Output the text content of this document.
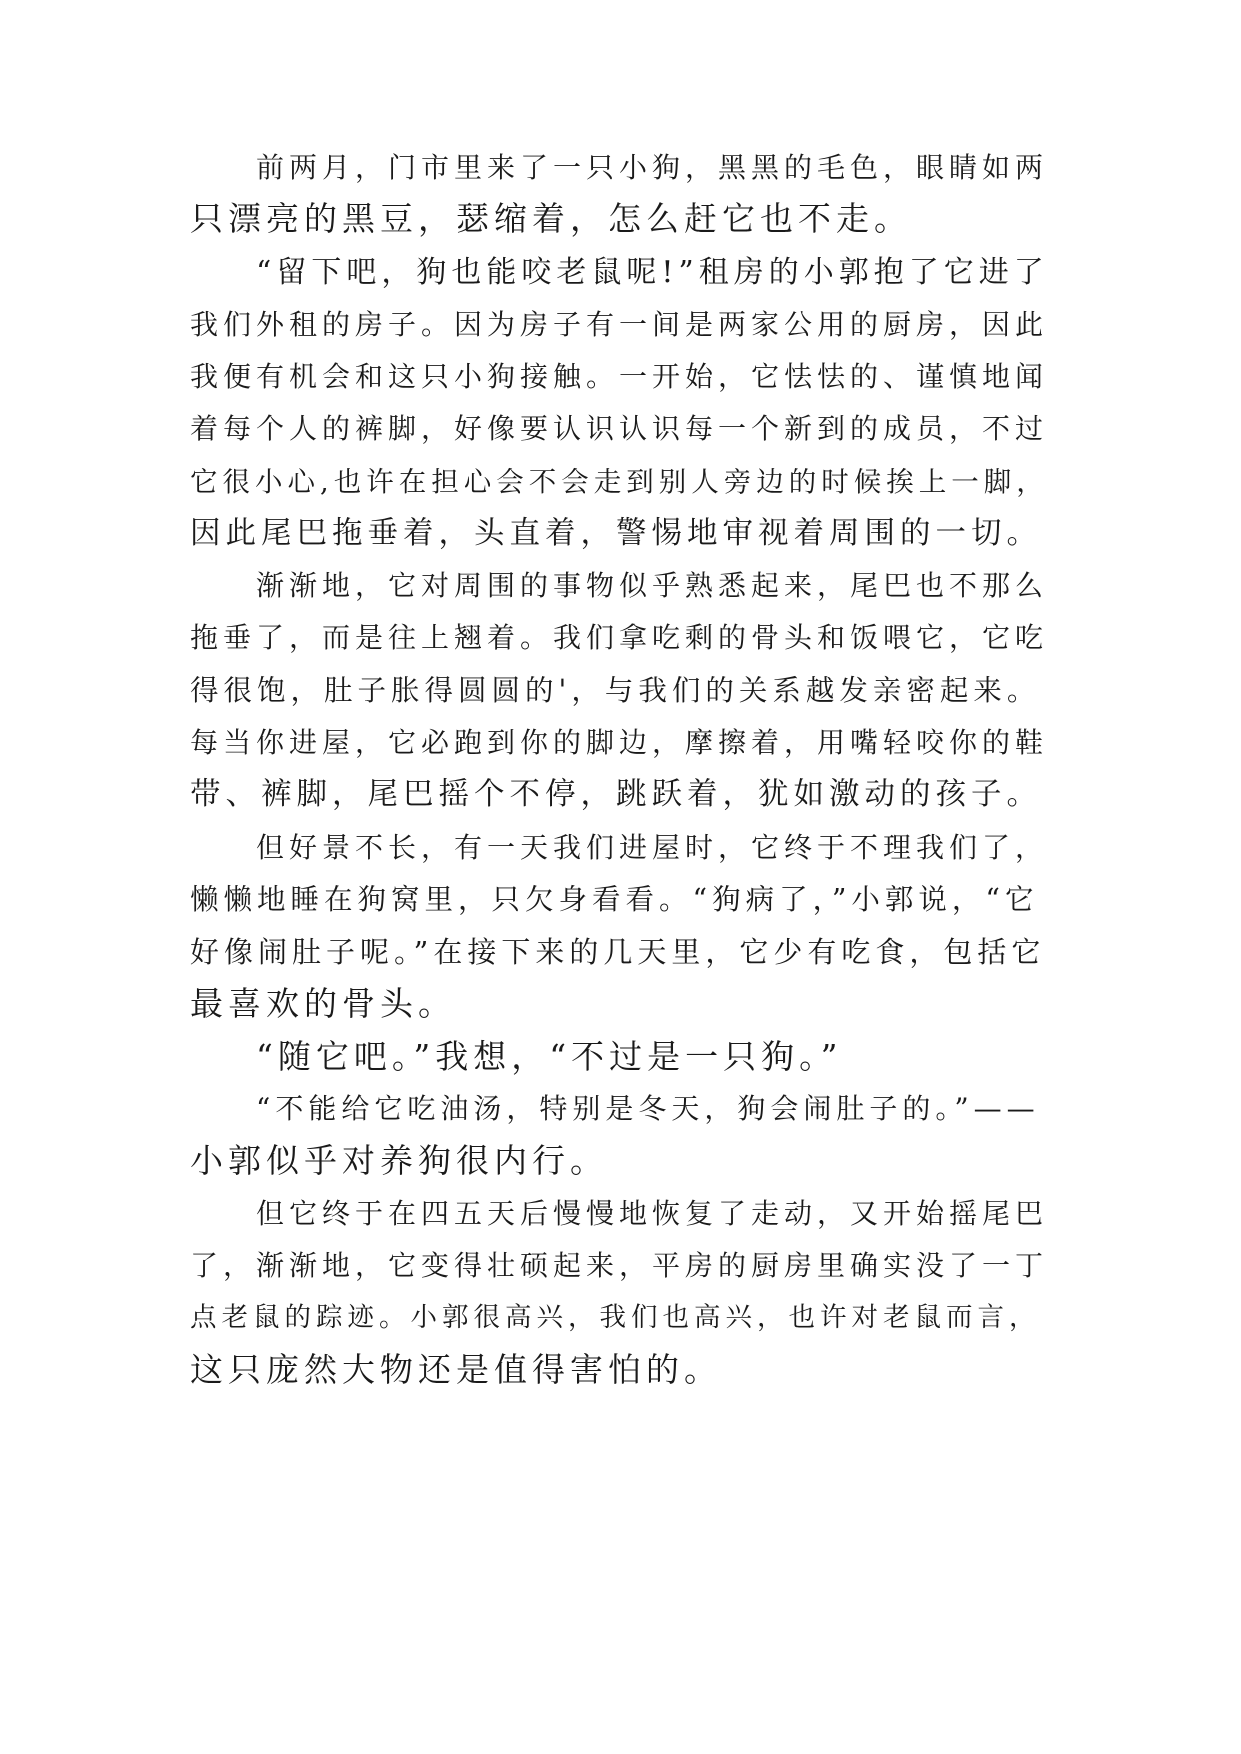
前两月，门市里来了一只小狗，黑黑的毛色，眼睛如两

只漂亮的黑豆，瑟缩着，怎么赶它也不走。

“留下吧，狗也能咬老鼠呢!”租房的小郭抱了它进了

我们外租的房子。因为房子有一间是两家公用的厨房，因此

我便有机会和这只小狗接触。一开始，它怯怯的、谨慎地闻

着每个人的裤脚，好像要认识认识每一个新到的成员，不过

它很小心,也许在担心会不会走到别人旁边的时候挨上一脚，

因此尾巴拖垂着，头直着，警惕地审视着周围的一切。

渐渐地，它对周围的事物似乎熟悉起来，尾巴也不那么

拖垂了，而是往上翘着。我们拿吃剩的骨头和饭喂它，它吃

得很饱，肚子胀得圆圆的'，与我们的关系越发亲密起来。

每当你进屋，它必跑到你的脚边，摩擦着，用嘴轻咬你的鞋

带、裤脚，尾巴摇个不停，跳跃着，犹如激动的孩子。

但好景不长，有一天我们进屋时，它终于不理我们了，

懒懒地睡在狗窝里，只欠身看看。“狗病了，”小郭说，“它

好像闹肚子呢。”在接下来的几天里，它少有吃食，包括它

最喜欢的骨头。

“随它吧。”我想，“不过是一只狗。”

“不能给它吃油汤，特别是冬天，狗会闹肚子的。”——

小郭似乎对养狗很内行。

但它终于在四五天后慢慢地恢复了走动，又开始摇尾巴

了，渐渐地，它变得壮硕起来，平房的厨房里确实没了一丁

点老鼠的踪迹。小郭很高兴，我们也高兴，也许对老鼠而言，

这只庞然大物还是值得害怕的。
